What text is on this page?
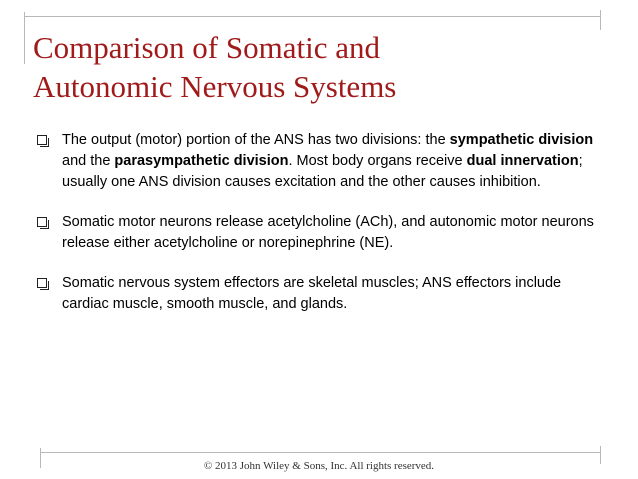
Comparison of Somatic and
Autonomic Nervous Systems
The output (motor) portion of the ANS has two divisions: the sympathetic division and the parasympathetic division. Most body organs receive dual innervation; usually one ANS division causes excitation and the other causes inhibition.
Somatic motor neurons release acetylcholine (ACh), and autonomic motor neurons release either acetylcholine or norepinephrine (NE).
Somatic nervous system effectors are skeletal muscles; ANS effectors include cardiac muscle, smooth muscle, and glands.
© 2013 John Wiley & Sons, Inc. All rights reserved.
